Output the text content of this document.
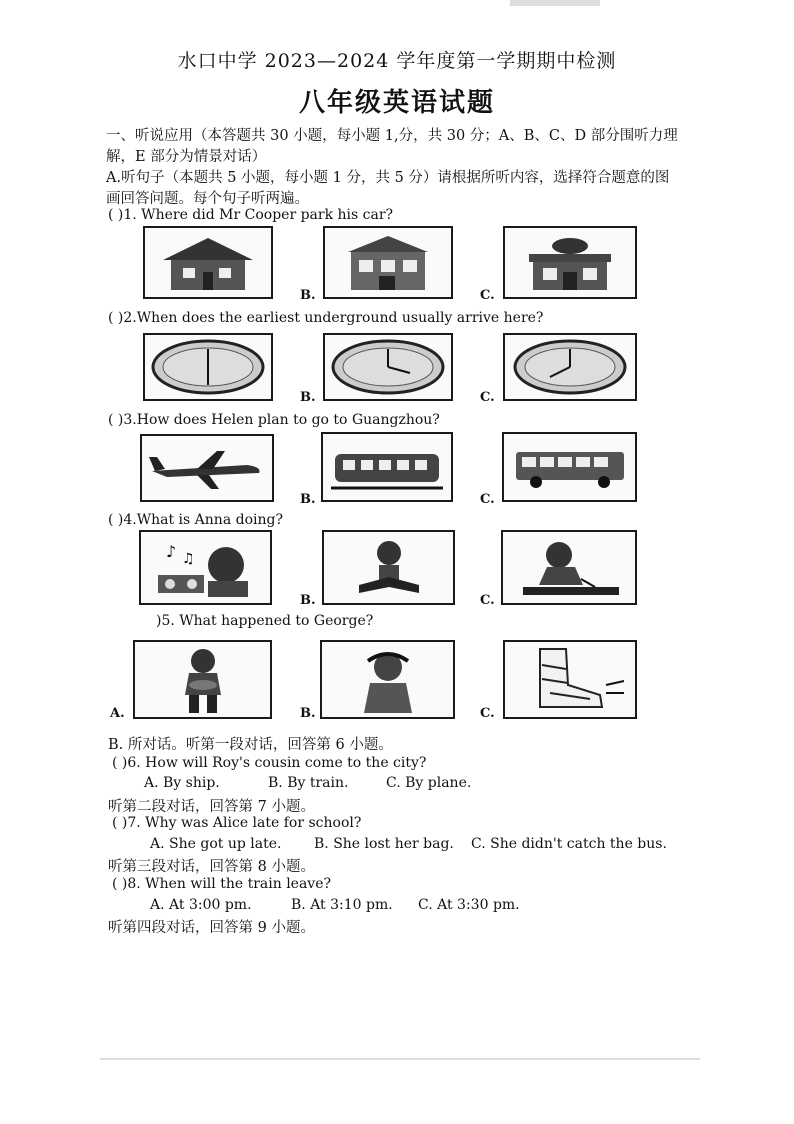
水口中学 2023—2024 学年度第一学期期中检测
八年级英语试题
一、听说应用（本答题共 30 小题，每小题 1,分，共 30 分；A、B、C、D 部分围听力理
解，E 部分为情景对话）
A.听句子（本题共 5 小题，每小题 1 分，共 5 分）请根据所听内容，选择符合题意的图
画回答问题。每个句子听两遍。
( )1. Where did Mr Cooper park his car?
B.	C.
( )2.When does the earliest underground usually arrive here?
B.	C.
( )3.How does Helen plan to go to Guangzhou?
B.	C.
( )4.What is Anna doing?
♪ ♫
B.	C.
)5. What happened to George?
A.	B.	C.
B. 所对话。听第一段对话，回答第 6 小题。
( )6. How will Roy's cousin come to the city?
A. By ship.	B. By train.	C. By plane.
听第二段对话，回答第 7 小题。
( )7. Why was Alice late for school?
A. She got up late. B. She lost her bag. C. She didn't catch the bus.
听第三段对话，回答第 8 小题。
( )8. When will the train leave?
A. At 3:00 pm.	B. At 3:10 pm. C. At 3:30 pm.
听第四段对话，回答第 9 小题。
